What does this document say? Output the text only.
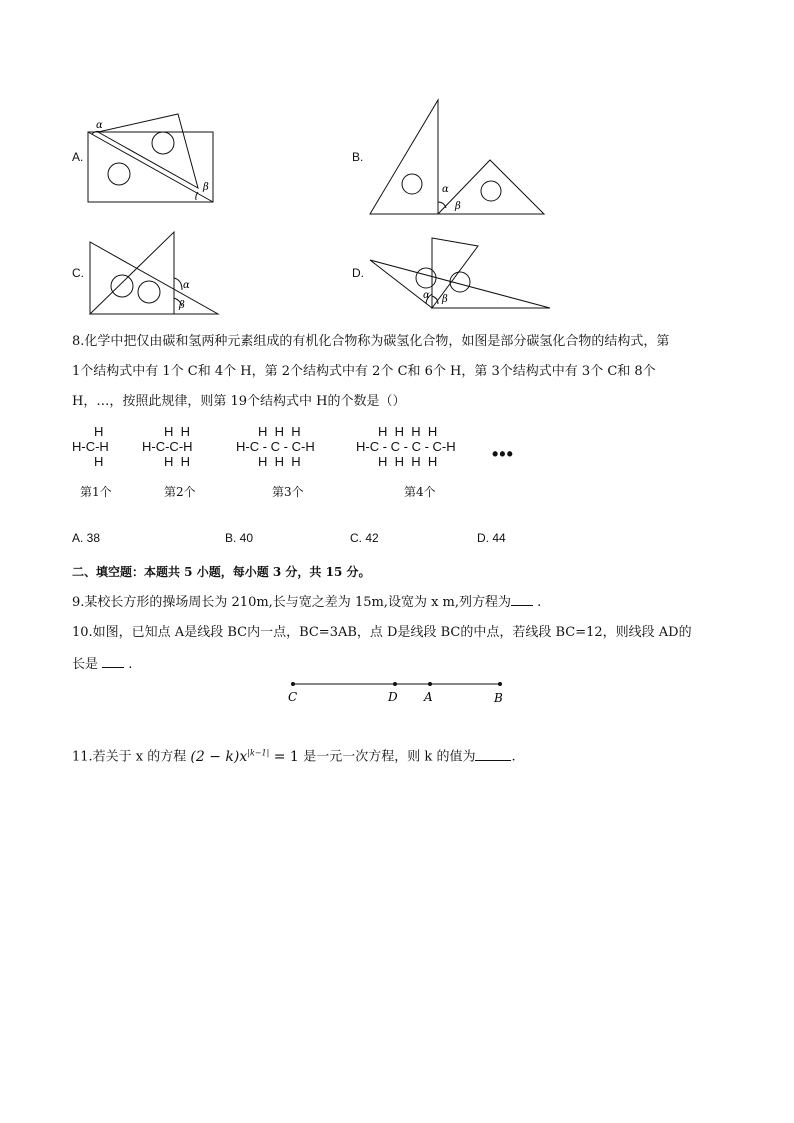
A.
α
β
B.
α
β
C.
α
β
D.
α β
8.化学中把仅由碳和氢两种元素组成的有机化合物称为碳氢化合物，如图是部分碳氢化合物的结构式，第
1个结构式中有 1个 C和 4个 H，第 2个结构式中有 2个 C和 6个 H，第 3个结构式中有 3个 C和 8个
H，…，按照此规律，则第 19个结构式中 H的个数是（）
H
H-C-H
H
第1个
H  H
H-C-C-H
H  H
第2个
H  H  H
H-C - C - C-H
H  H  H
第3个
H  H  H  H
H-C - C - C - C-H
H  H  H  H
第4个
•••
A. 38	B. 40	C. 42	D. 44
二、填空题：本题共 5 小题，每小题 3 分，共 15 分。
9.某校长方形的操场周长为 210m,长与宽之差为 15m,设宽为 x m,列方程为 .
10.如图，已知点 A是线段 BC内一点，BC=3AB，点 D是线段 BC的中点，若线段 BC=12，则线段 AD的
长是 .
C	D A	B
11.若关于 x 的方程 $(2 - k)x^{|k-1|} = 1$ 是一元一次方程，则 k 的值为	.
